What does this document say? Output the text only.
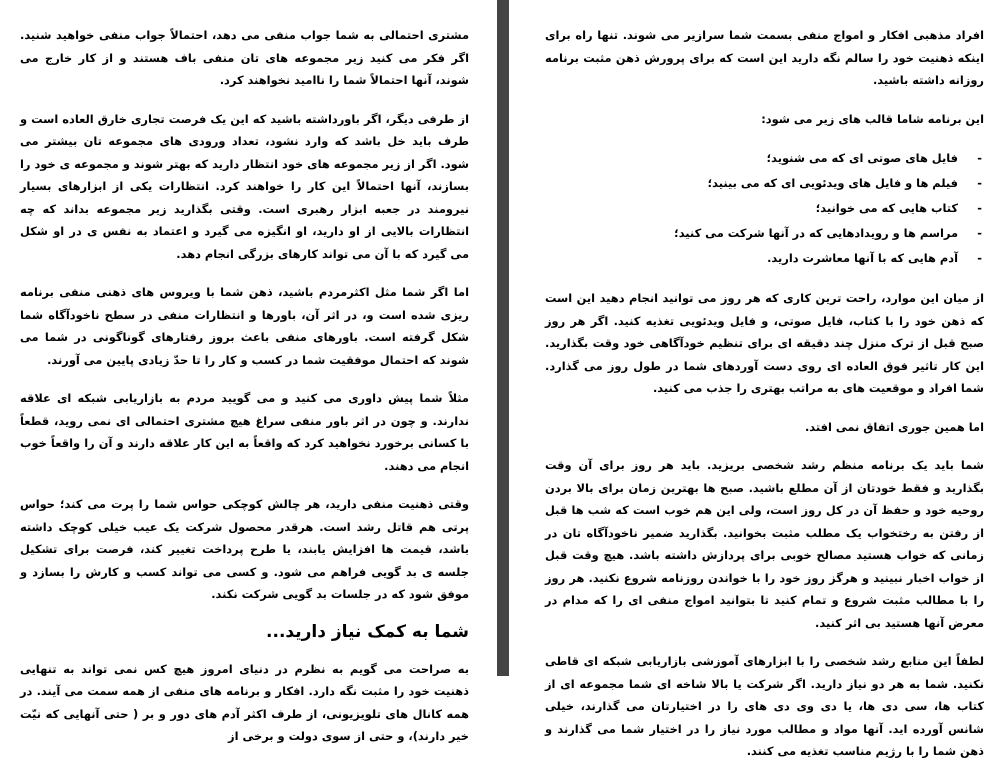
مشتری احتمالی به شما جواب منفی می دهد، احتمالاً جواب منفی خواهید شنید. اگر فکر می کنید زیر مجموعه های تان منفی باف هستند و از کار خارج می شوند، آنها احتمالاً شما را ناامید نخواهند کرد.

از طرفی دیگر، اگر باورداشته باشید که این یک فرصت تجاری خارق العاده است و طرف باید خل باشد که وارد نشود، تعداد ورودی های مجموعه تان بیشتر می شود. اگر از زیر مجموعه های خود انتظار دارید که بهتر شوند و مجموعه ی خود را بسازند، آنها احتمالاً این کار را خواهند کرد. انتظارات یکی از ابزارهای بسیار نیرومند در جعبه ابزار رهبری است. وقتی بگذارید زیر مجموعه بداند که چه انتظارات بالایی از او دارید، او انگیزه می گیرد و اعتماد به نفس ی در او شکل می گیرد که با آن می تواند کارهای بزرگی انجام دهد.

اما اگر شما مثل اکثرمردم باشید، ذهن شما با ویروس های ذهنی منفی برنامه ریزی شده است و، در اثر آن، باورها و انتظارات منفی در سطح ناخودآگاه شما شکل گرفته است. باورهای منفی باعث بروز رفتارهای گوناگونی در شما می شوند که احتمال موفقیت شما در کسب و کار را تا حدّ زیادی پایین می آورند.

مثلاً شما پیش داوری می کنید و می گویید مردم به بازاریابی شبکه ای علاقه ندارند. و چون در اثر باور منفی سراغ هیچ مشتری احتمالی ای نمی روید، قطعاً با کسانی برخورد نخواهید کرد که واقعاً به این کار علاقه دارند و آن را واقعاً خوب انجام می دهند.

وقتی ذهنیت منفی دارید، هر چالش کوچکی حواس شما را پرت می کند؛ حواس پرتی هم قاتل رشد است. هرقدر محصول شرکت یک عیب خیلی کوچک داشته باشد، قیمت ها افزایش یابند، یا طرح پرداخت تغییر کند، فرصت برای تشکیل جلسه ی بد گویی فراهم می شود. و کسی می تواند کسب و کارش را بسازد و موفق شود که در جلسات بد گویی شرکت نکند.

شما به کمک نیاز دارید...

به صراحت می گویم به نظرم در دنیای امروز هیچ کس نمی تواند به تنهایی ذهنیت خود را مثبت نگه دارد. افکار و برنامه های منفی از همه سمت می آیند. در همه کانال های تلویزیونی، از طرف اکثر آدم های دور و بر ( حتی آنهایی که نیّت خیر دارند)، و حتی از سوی دولت و برخی از

افراد مذهبی افکار و امواج منفی بسمت شما سرازیر می شوند. تنها راه برای اینکه ذهنیت خود را سالم نگه دارید این است که برای پرورش ذهن مثبت برنامه روزانه داشته باشید.

این برنامه شاما قالب های زیر می شود:

- فایل های صوتی ای که می شنوید؛
- فیلم ها و فایل های ویدئویی ای که می بینید؛
- کتاب هایی که می خوانید؛
- مراسم ها و رویدادهایی که در آنها شرکت می کنید؛
- آدم هایی که با آنها معاشرت دارید.

از میان این موارد، راحت ترین کاری که هر روز می توانید انجام دهید این است که ذهن خود را با کتاب، فایل صوتی، و فایل ویدئویی تغذیه کنید. اگر هر روز صبح قبل از ترک منزل چند دقیقه ای برای تنظیم خودآگاهی خود وقت بگذارید. این کار تاثیر فوق العاده ای روی دست آوردهای شما در طول روز می گذارد. شما افراد و موقعیت های به مراتب بهتری را جذب می کنید.

اما همین جوری اتفاق نمی افتد.

شما باید یک برنامه منظم رشد شخصی بریزید. باید هر روز برای آن وقت بگذارید و فقط خودتان از آن مطلع باشید. صبح ها بهترین زمان برای بالا بردن روحیه خود و حفظ آن در کل روز است، ولی این هم خوب است که شب ها قبل از رفتن به رختخواب یک مطلب مثبت بخوانید. بگذارید ضمیر ناخودآگاه تان در زمانی که خواب هستید مصالح خوبی برای پردازش داشته باشد. هیچ وقت قبل از خواب اخبار نبینید و هرگز روز خود را با خواندن روزنامه شروع نکنید. هر روز را با مطالب مثبت شروع و تمام کنید تا بتوانید امواج منفی ای را که مدام در معرض آنها هستید بی اثر کنید.

لطفاً این منابع رشد شخصی را با ابزارهای آموزشی بازاریابی شبکه ای قاطی نکنید. شما به هر دو نیاز دارید. اگر شرکت یا بالا شاخه ای شما مجموعه ای از کتاب ها، سی دی ها، یا دی وی دی های را در اختیارتان می گذارند، خیلی شانس آورده اید. آنها مواد و مطالب مورد نیاز را در اختیار شما می گذارند و ذهن شما را با رژیم مناسب تغذیه می کنند.
